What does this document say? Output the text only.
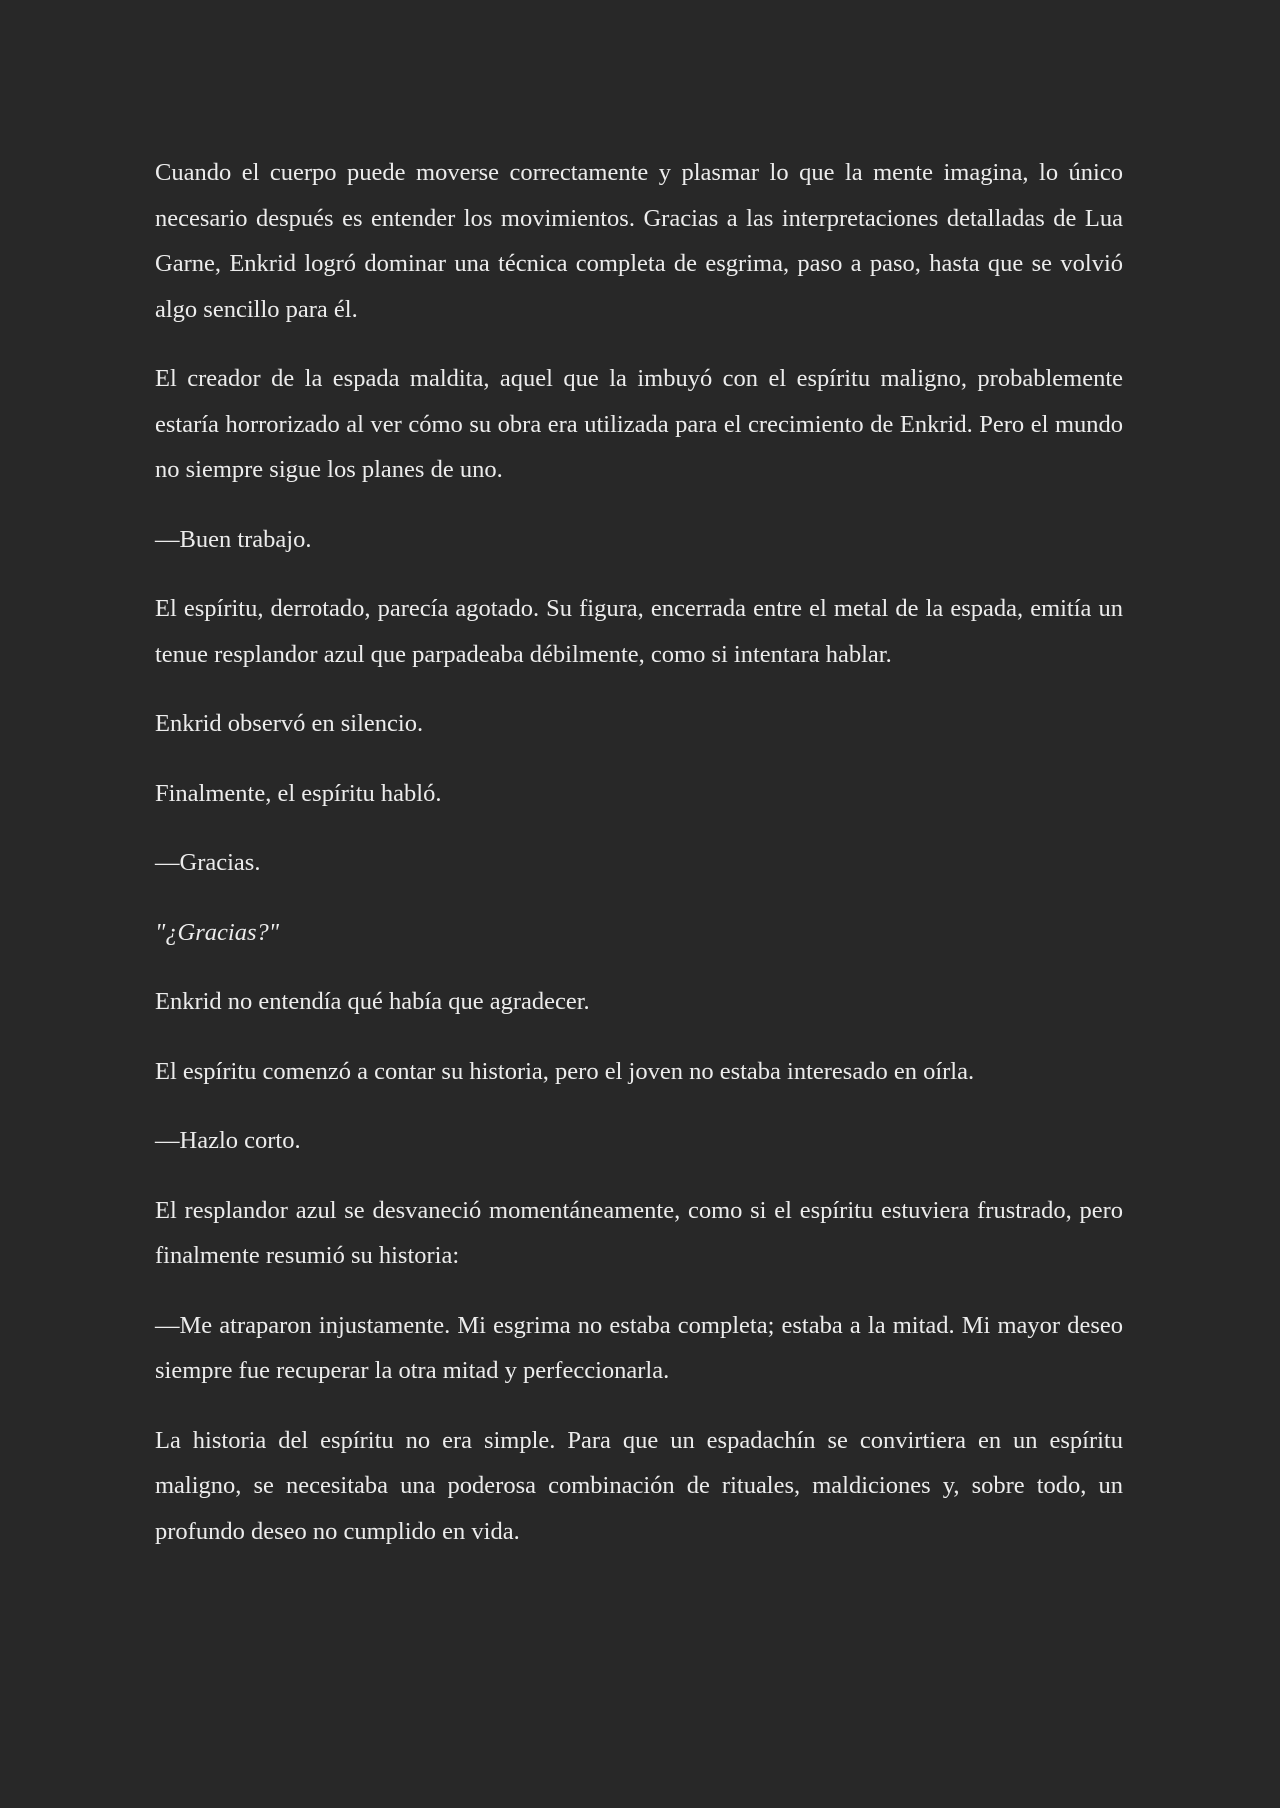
Cuando el cuerpo puede moverse correctamente y plasmar lo que la mente imagina, lo único necesario después es entender los movimientos. Gracias a las interpretaciones detalladas de Lua Garne, Enkrid logró dominar una técnica completa de esgrima, paso a paso, hasta que se volvió algo sencillo para él.

El creador de la espada maldita, aquel que la imbuyó con el espíritu maligno, probablemente estaría horrorizado al ver cómo su obra era utilizada para el crecimiento de Enkrid. Pero el mundo no siempre sigue los planes de uno.

—Buen trabajo.

El espíritu, derrotado, parecía agotado. Su figura, encerrada entre el metal de la espada, emitía un tenue resplandor azul que parpadeaba débilmente, como si intentara hablar.

Enkrid observó en silencio.

Finalmente, el espíritu habló.

—Gracias.

"¿Gracias?"

Enkrid no entendía qué había que agradecer.

El espíritu comenzó a contar su historia, pero el joven no estaba interesado en oírla.

—Hazlo corto.

El resplandor azul se desvaneció momentáneamente, como si el espíritu estuviera frustrado, pero finalmente resumió su historia:

—Me atraparon injustamente. Mi esgrima no estaba completa; estaba a la mitad. Mi mayor deseo siempre fue recuperar la otra mitad y perfeccionarla.

La historia del espíritu no era simple. Para que un espadachín se convirtiera en un espíritu maligno, se necesitaba una poderosa combinación de rituales, maldiciones y, sobre todo, un profundo deseo no cumplido en vida.
